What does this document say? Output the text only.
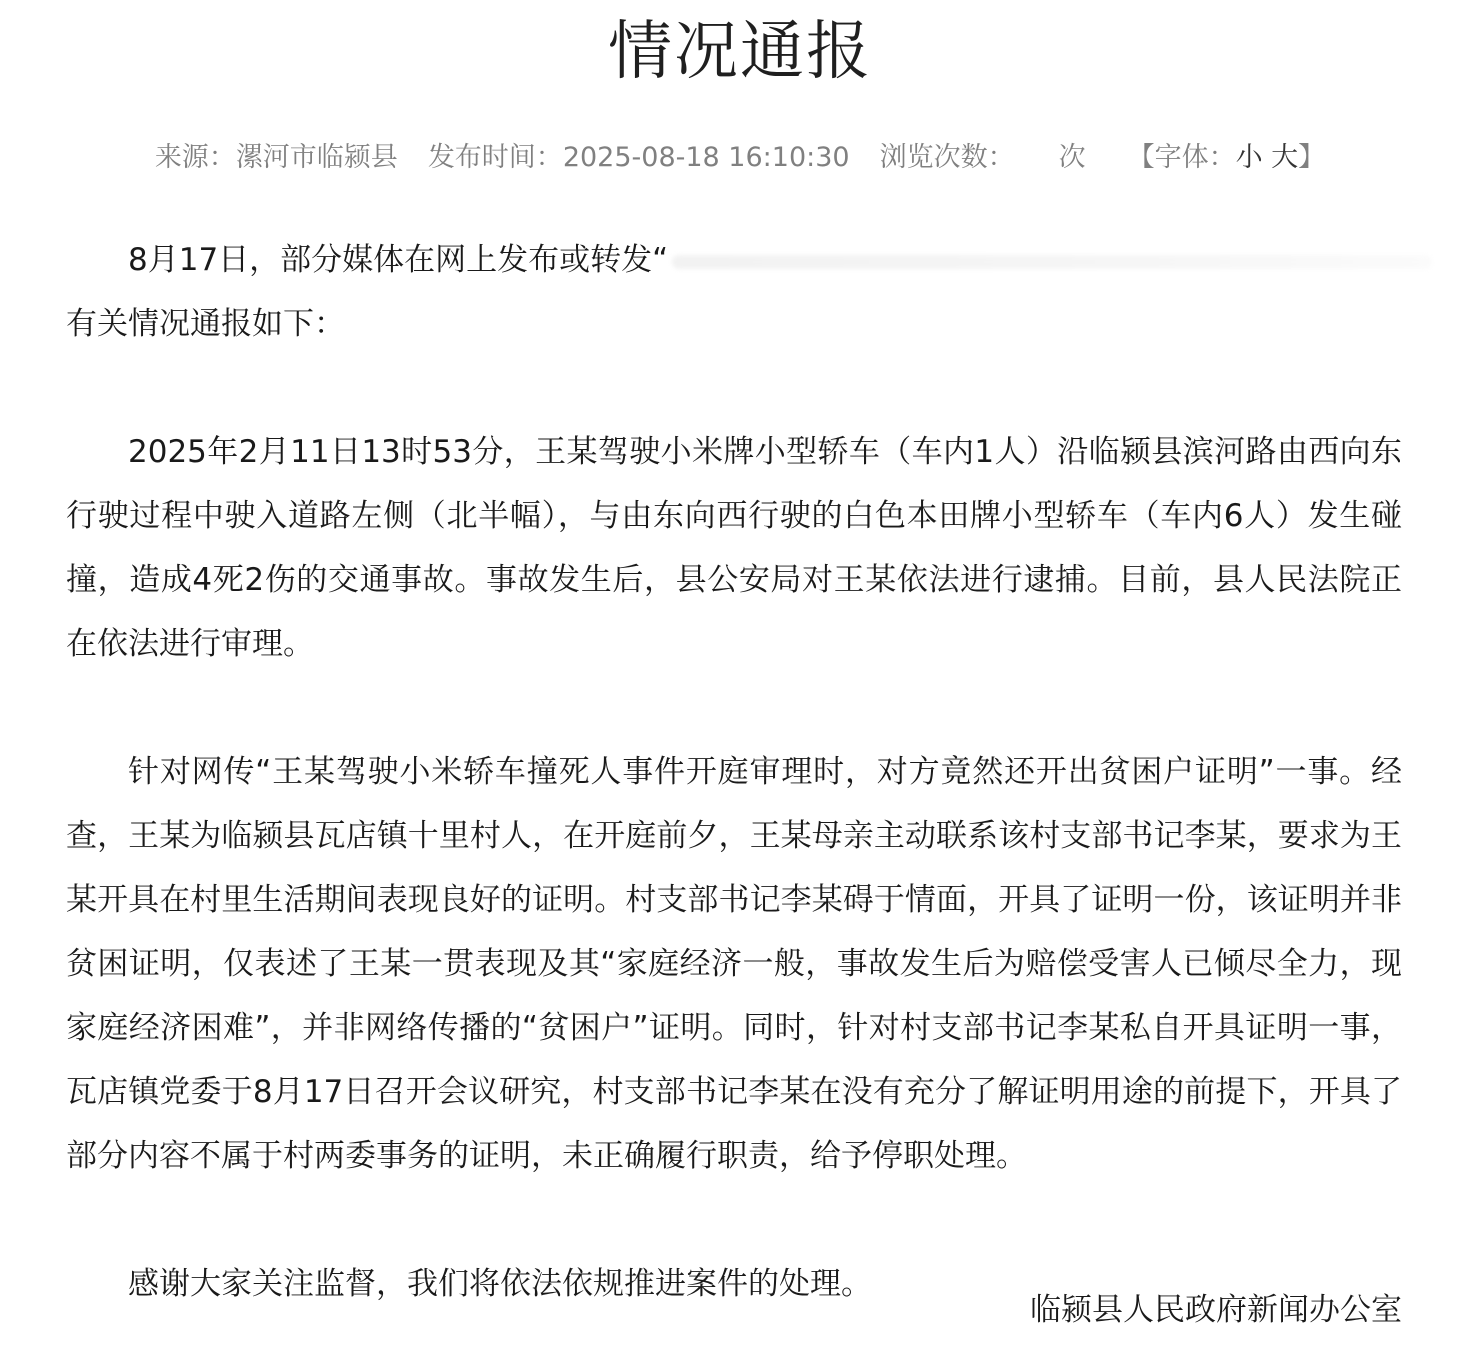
情况通报
来源：漯河市临颍县 发布时间：2025-08-18 16:10:30 浏览次数： 次 【字体：小 大】

8月17日，部分媒体在网上发布或转发“

有关情况通报如下：

2025年2月11日13时53分，王某驾驶小米牌小型轿车（车内1人）沿临颍县滨河路由西向东行驶过程中驶入道路左侧（北半幅），与由东向西行驶的白色本田牌小型轿车（车内6人）发生碰撞，造成4死2伤的交通事故。事故发生后，县公安局对王某依法进行逮捕。目前，县人民法院正在依法进行审理。

针对网传“王某驾驶小米轿车撞死人事件开庭审理时，对方竟然还开出贫困户证明”一事。经查，王某为临颍县瓦店镇十里村人，在开庭前夕，王某母亲主动联系该村支部书记李某，要求为王某开具在村里生活期间表现良好的证明。村支部书记李某碍于情面，开具了证明一份，该证明并非贫困证明，仅表述了王某一贯表现及其“家庭经济一般，事故发生后为赔偿受害人已倾尽全力，现家庭经济困难”，并非网络传播的“贫困户”证明。同时，针对村支部书记李某私自开具证明一事，瓦店镇党委于8月17日召开会议研究，村支部书记李某在没有充分了解证明用途的前提下，开具了部分内容不属于村两委事务的证明，未正确履行职责，给予停职处理。

感谢大家关注监督，我们将依法依规推进案件的处理。

临颍县人民政府新闻办公室
